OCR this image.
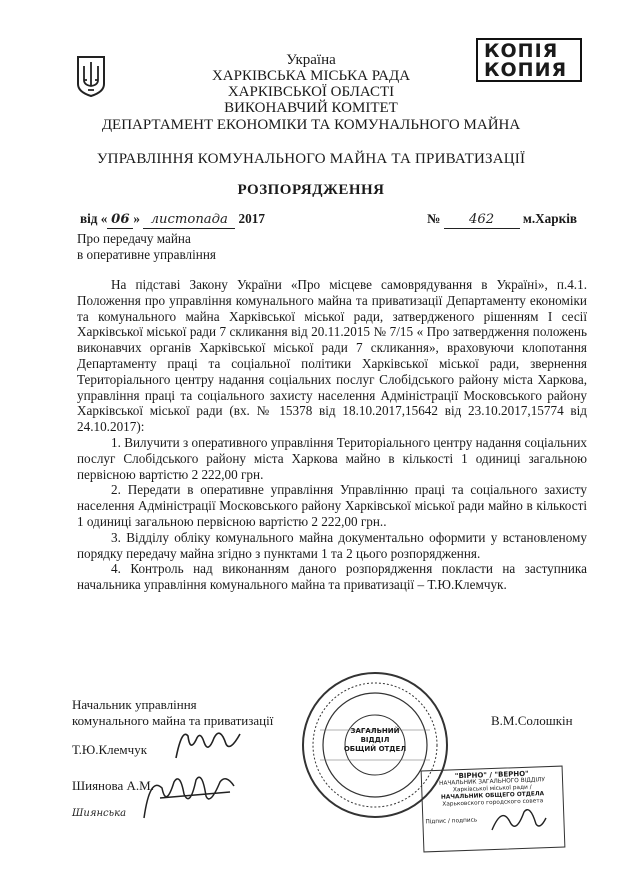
КОПІЯ
КОПИЯ
Україна
ХАРКІВСЬКА МІСЬКА РАДА
ХАРКІВСЬКОЇ ОБЛАСТІ
ВИКОНАВЧИЙ КОМІТЕТ
ДЕПАРТАМЕНТ ЕКОНОМІКИ ТА КОМУНАЛЬНОГО МАЙНА
УПРАВЛІННЯ КОМУНАЛЬНОГО МАЙНА ТА ПРИВАТИЗАЦІЇ
РОЗПОРЯДЖЕННЯ
від « 06 » листопада 2017	№ 462 м.Харків
Про передачу майна
в оперативне управління

На підставі Закону України «Про місцеве самоврядування в Україні», п.4.1. Положення про управління комунального майна та приватизації Департаменту економіки та комунального майна Харківської міської ради, затвердженого рішенням I сесії Харківської міської ради 7 скликання від 20.11.2015 № 7/15 « Про затвердження положень виконавчих органів Харківської міської ради 7 скликання», враховуючи клопотання Департаменту праці та соціальної політики Харківської міської ради, звернення Територіального центру надання соціальних послуг Слобідського району міста Харкова, управління праці та соціального захисту населення Адміністрації Московського району Харківської міської ради (вх. № 15378 від 18.10.2017,15642 від 23.10.2017,15774 від 24.10.2017):

1. Вилучити з оперативного управління Територіального центру надання соціальних послуг Слобідського району міста Харкова майно в кількості 1 одиниці загальною первісною вартістю 2 222,00 грн.

2. Передати в оперативне управління Управлінню праці та соціального захисту населення Адміністрації Московського району Харківської міської ради майно в кількості 1 одиниці загальною первісною вартістю 2 222,00 грн..

3. Відділу обліку комунального майна документально оформити у встановленому порядку передачу майна згідно з пунктами 1 та 2 цього розпорядження.

4. Контроль над виконанням даного розпорядження покласти на заступника начальника управління комунального майна та приватизації – Т.Ю.Клемчук.

Начальник управління
комунального майна та приватизації	В.М.Солошкін
Т.Ю.Клемчук
Шиянова А.М.
Шиянська
ЗАГАЛЬНИЙ
ВІДДІЛ
ОБЩИЙ ОТДЕЛ
"ВІРНО" / "ВЕРНО"
НАЧАЛЬНИК ЗАГАЛЬНОГО ВІДДІЛУ
Харківської міської ради /
НАЧАЛЬНИК ОБЩЕГО ОТДЕЛА
Харьковского городского совета
Підпис / подпись
